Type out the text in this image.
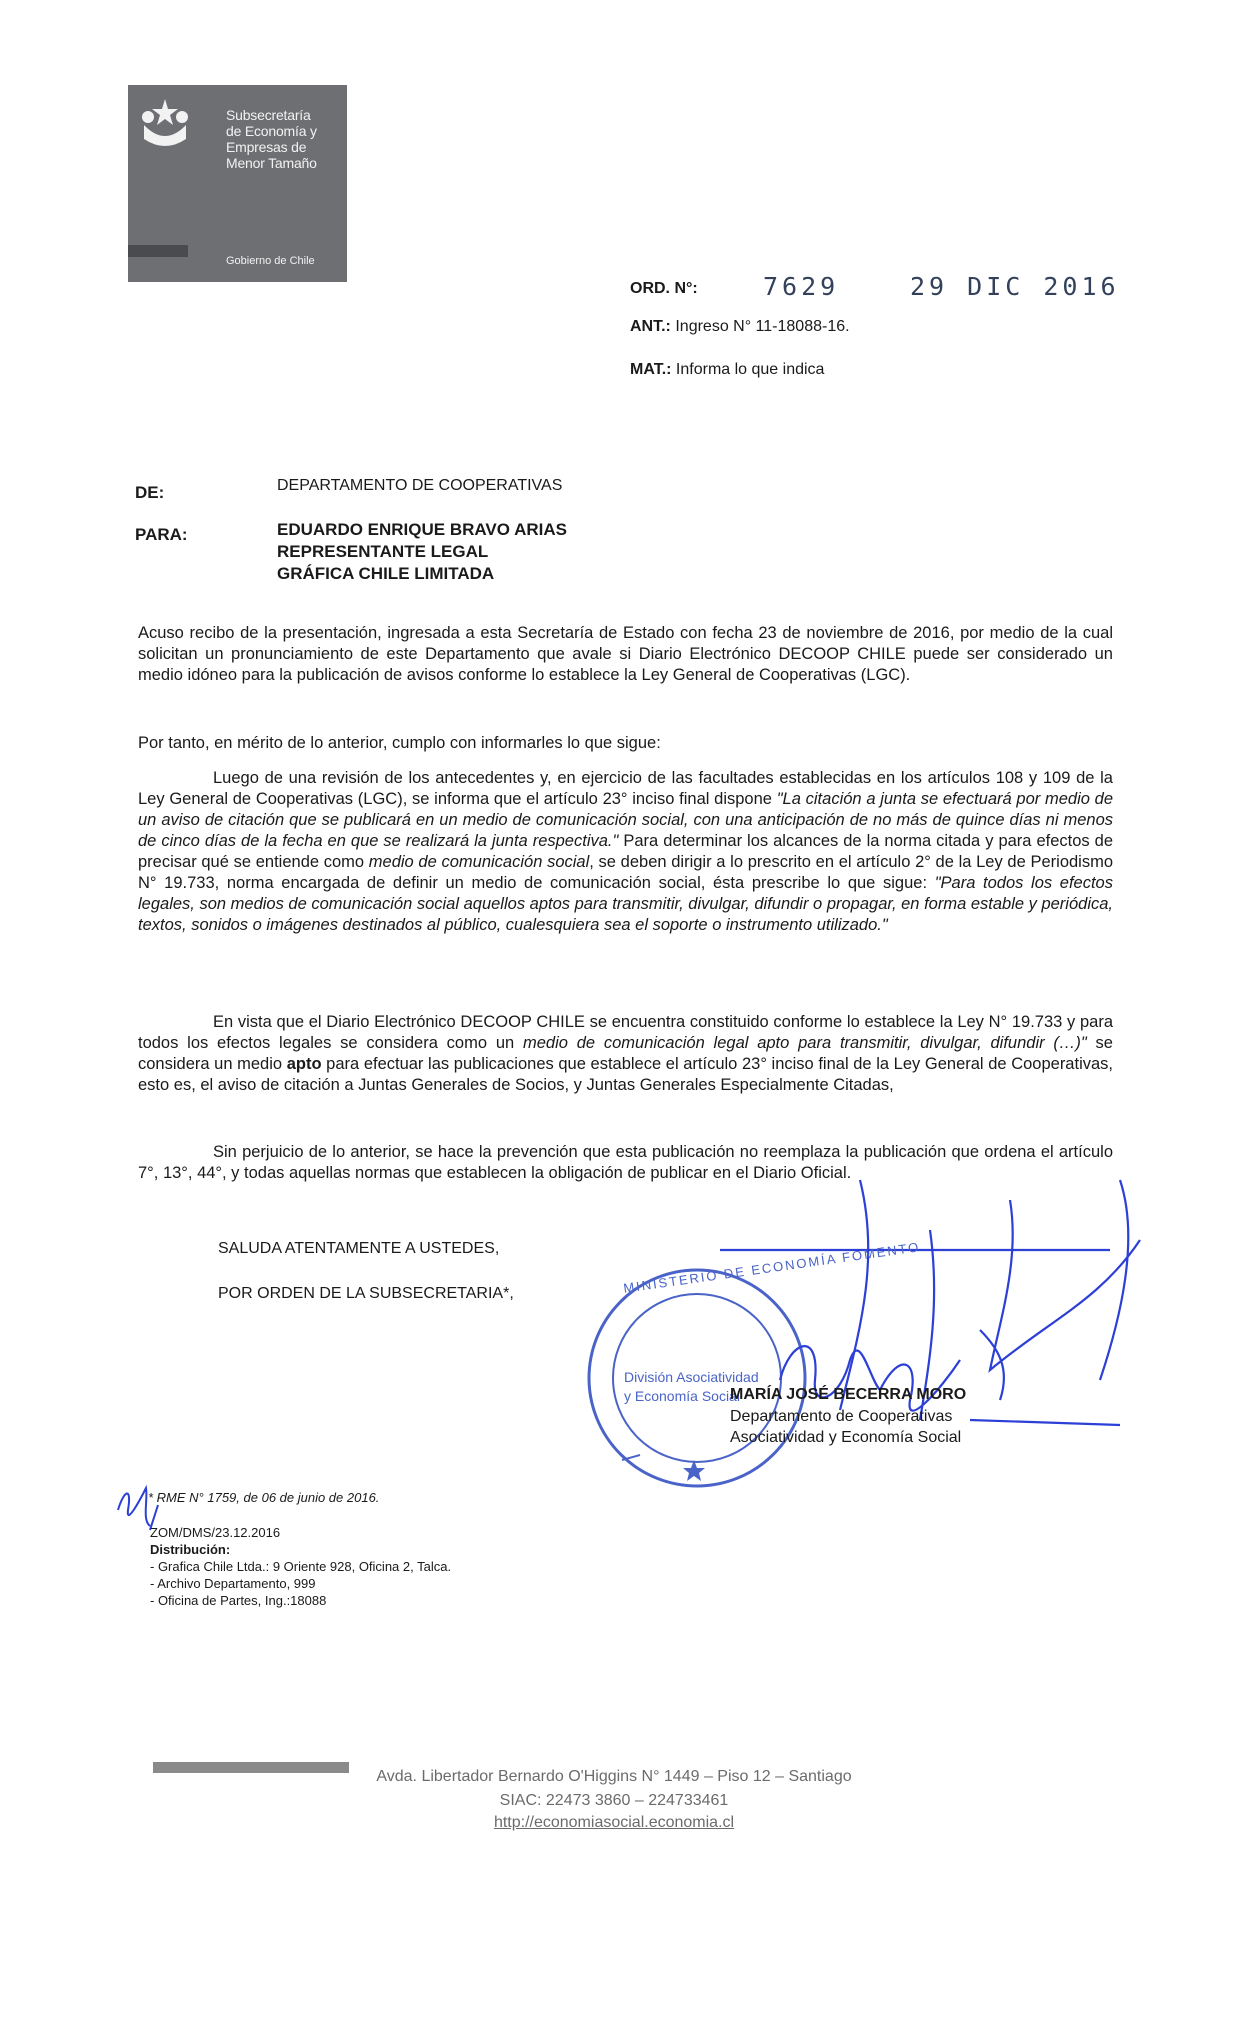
Subsecretaría
de Economía y
Empresas de
Menor Tamaño
Gobierno de Chile
ORD. N°:	7629	29 DIC 2016
ANT.: Ingreso N° 11-18088-16.
MAT.: Informa lo que indica
DE:	DEPARTAMENTO DE COOPERATIVAS
PARA:	EDUARDO ENRIQUE BRAVO ARIAS
REPRESENTANTE LEGAL
GRÁFICA CHILE LIMITADA
Acuso recibo de la presentación, ingresada a esta Secretaría de Estado con fecha 23 de noviembre de 2016, por medio de la cual solicitan un pronunciamiento de este Departamento que avale si Diario Electrónico DECOOP CHILE puede ser considerado un medio idóneo para la publicación de avisos conforme lo establece la Ley General de Cooperativas (LGC).
Por tanto, en mérito de lo anterior, cumplo con informarles lo que sigue:
Luego de una revisión de los antecedentes y, en ejercicio de las facultades establecidas en los artículos 108 y 109 de la Ley General de Cooperativas (LGC), se informa que el artículo 23° inciso final dispone "La citación a junta se efectuará por medio de un aviso de citación que se publicará en un medio de comunicación social, con una anticipación de no más de quince días ni menos de cinco días de la fecha en que se realizará la junta respectiva." Para determinar los alcances de la norma citada y para efectos de precisar qué se entiende como medio de comunicación social, se deben dirigir a lo prescrito en el artículo 2° de la Ley de Periodismo N° 19.733, norma encargada de definir un medio de comunicación social, ésta prescribe lo que sigue: "Para todos los efectos legales, son medios de comunicación social aquellos aptos para transmitir, divulgar, difundir o propagar, en forma estable y periódica, textos, sonidos o imágenes destinados al público, cualesquiera sea el soporte o instrumento utilizado."
En vista que el Diario Electrónico DECOOP CHILE se encuentra constituido conforme lo establece la Ley N° 19.733 y para todos los efectos legales se considera como un medio de comunicación legal apto para transmitir, divulgar, difundir (…)" se considera un medio apto para efectuar las publicaciones que establece el artículo 23° inciso final de la Ley General de Cooperativas, esto es, el aviso de citación a Juntas Generales de Socios, y Juntas Generales Especialmente Citadas,
Sin perjuicio de lo anterior, se hace la prevención que esta publicación no reemplaza la publicación que ordena el artículo 7°, 13°, 44°, y todas aquellas normas que establecen la obligación de publicar en el Diario Oficial.
SALUDA ATENTAMENTE A USTEDES,
POR ORDEN DE LA SUBSECRETARIA*,	MINISTERIO DE ECONOMÍA FOMENTO
División Asociatividad
y Economía Social
MARÍA JOSÉ BECERRA MORO
Departamento de Cooperativas
Asociatividad y Economía Social
* RME N° 1759, de 06 de junio de 2016.
ZOM/DMS/23.12.2016
Distribución:
- Grafica Chile Ltda.: 9 Oriente 928, Oficina 2, Talca.
- Archivo Departamento, 999
- Oficina de Partes, Ing.:18088
Avda. Libertador Bernardo O'Higgins N° 1449 – Piso 12 – Santiago
SIAC: 22473 3860 – 224733461
http://economiasocial.economia.cl
